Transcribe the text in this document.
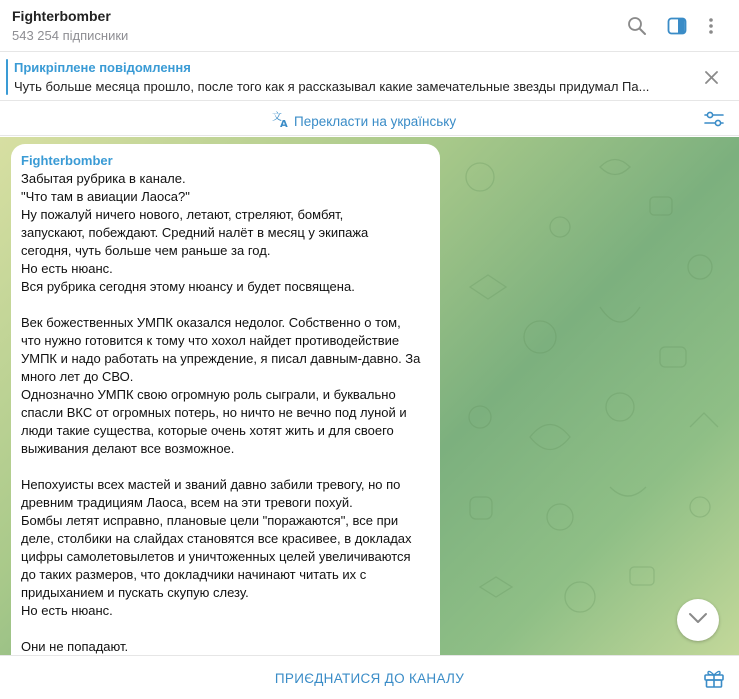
Fighterbomber
543 254 підписники
Прикріплене повідомлення
Чуть больше месяца прошло, после того как я рассказывал какие замечательные звезды придумал Па...
文
A Перекласти на українську
Fighterbomber
Забытая рубрика в канале.
"Что там в авиации Лаоса?"
Ну пожалуй ничего нового, летают, стреляют, бомбят,
запускают, побеждают. Средний налёт в месяц у экипажа
сегодня, чуть больше чем раньше за год.
Но есть нюанс.
Вся рубрика сегодня этому нюансу и будет посвящена.
Век божественных УМПК оказался недолог. Собственно о том,
что нужно готовится к тому что хохол найдет противодействие
УМПК и надо работать на упреждение, я писал давным-давно. За
много лет до СВО.
Однозначно УМПК свою огромную роль сыграли, и буквально
спасли ВКС от огромных потерь, но ничто не вечно под луной и
люди такие существа, которые очень хотят жить и для своего
выживания делают все возможное.
Непохуисты всех мастей и званий давно забили тревогу, но по
древним традициям Лаоса, всем на эти тревоги похуй.
Бомбы летят исправно, плановые цели "поражаются", все при
деле, столбики на слайдах становятся все красивее, в докладах
цифры самолетовылетов и уничтоженных целей увеличиваются
до таких размеров, что докладчики начинают читать их с
придыханием и пускать скупую слезу.
Но есть нюанс.
Они не попадают.
ПРИЄДНАТИСЯ ДО КАНАЛУ
